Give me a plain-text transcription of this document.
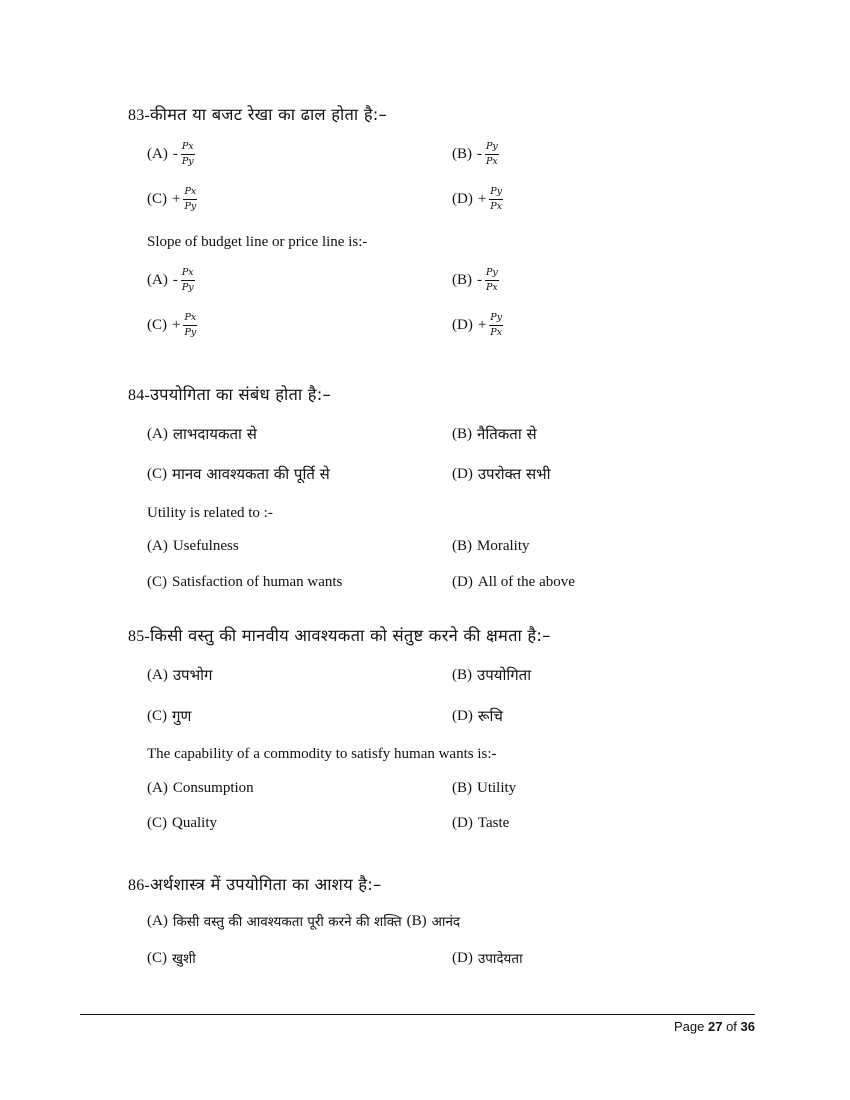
83-कीमत या बजट रेखा का ढाल होता है:–
$(A) - \frac{Px}{Py}$	$(B) - \frac{Py}{Px}$
$(C) + \frac{Px}{Py}$	$(D) + \frac{Py}{Px}$
Slope of budget line or price line is:-
$(A) - \frac{Px}{Py}$	$(B) - \frac{Py}{Px}$
$(C) + \frac{Px}{Py}$	$(D) + \frac{Py}{Px}$
84-उपयोगिता का संबंध होता है:–
(A) लाभदायकता से	(B) नैतिकता से
(C) मानव आवश्यकता की पूर्ति से	(D) उपरोक्त सभी
Utility is related to :-
(A) Usefulness	(B) Morality
(C) Satisfaction of human wants	(D) All of the above
85-किसी वस्तु की मानवीय आवश्यकता को संतुष्ट करने की क्षमता है:–
(A) उपभोग	(B) उपयोगिता
(C) गुण	(D) रूचि
The capability of a commodity to satisfy human wants is:-
(A) Consumption	(B) Utility
(C) Quality	(D) Taste
86-अर्थशास्त्र में उपयोगिता का आशय है:–
(A) किसी वस्तु की आवश्यकता पूरी करने की शक्ति (B) आनंद
(C) खुशी	(D) उपादेयता
Page 27 of 36
